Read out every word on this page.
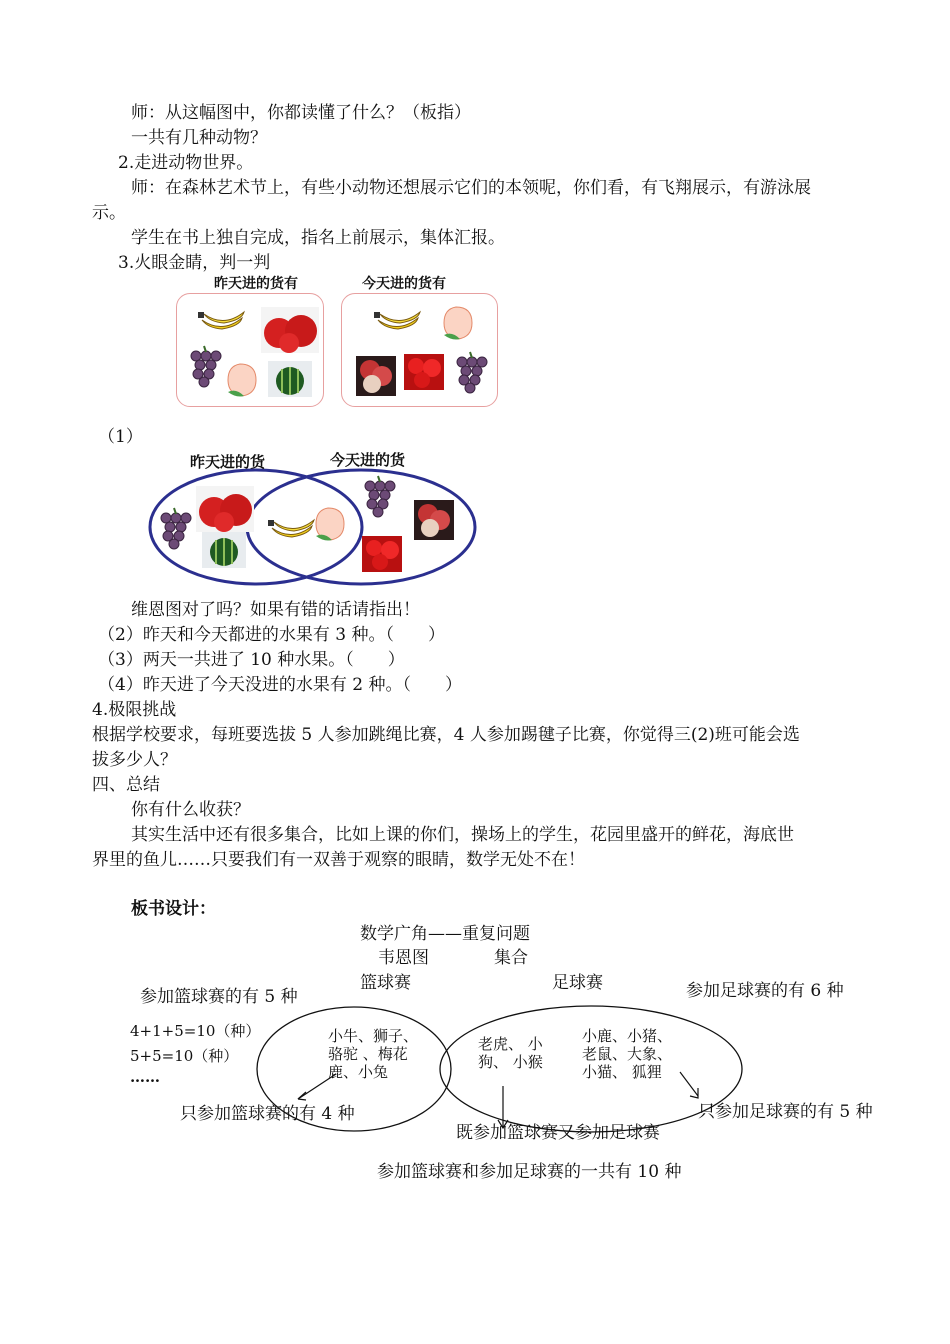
师：从这幅图中，你都读懂了什么？（板指）
一共有几种动物？
2.走进动物世界。
师：在森林艺术节上，有些小动物还想展示它们的本领呢，你们看，有飞翔展示，有游泳展
示。
学生在书上独自完成，指名上前展示，集体汇报。
3.火眼金睛，判一判
昨天进的货有	今天进的货有
（1）
昨天进的货	今天进的货
维恩图对了吗？如果有错的话请指出！
（2）昨天和今天都进的水果有 3 种。（　　）
（3）两天一共进了 10 种水果。（　　）
（4）昨天进了今天没进的水果有 2 种。（　　）
4.极限挑战
根据学校要求，每班要选拔 5 人参加跳绳比赛，4 人参加踢毽子比赛，你觉得三(2)班可能会选
拔多少人？
四、总结
你有什么收获？
其实生活中还有很多集合，比如上课的你们，操场上的学生，花园里盛开的鲜花，海底世
界里的鱼儿……只要我们有一双善于观察的眼睛，数学无处不在！
板书设计：
数学广角——重复问题
韦恩图	集合
篮球赛	足球赛
参加篮球赛的有 5 种	参加足球赛的有 6 种
4+1+5=10（种）
5+5=10（种）
……
小牛、狮子、
骆驼 、梅花
鹿、小兔
老虎、 小
狗、 小猴
小鹿、小猪、
老鼠、大象、
小猫、 狐狸
只参加篮球赛的有 4 种	只参加足球赛的有 5 种
既参加篮球赛又参加足球赛
参加篮球赛和参加足球赛的一共有 10 种
